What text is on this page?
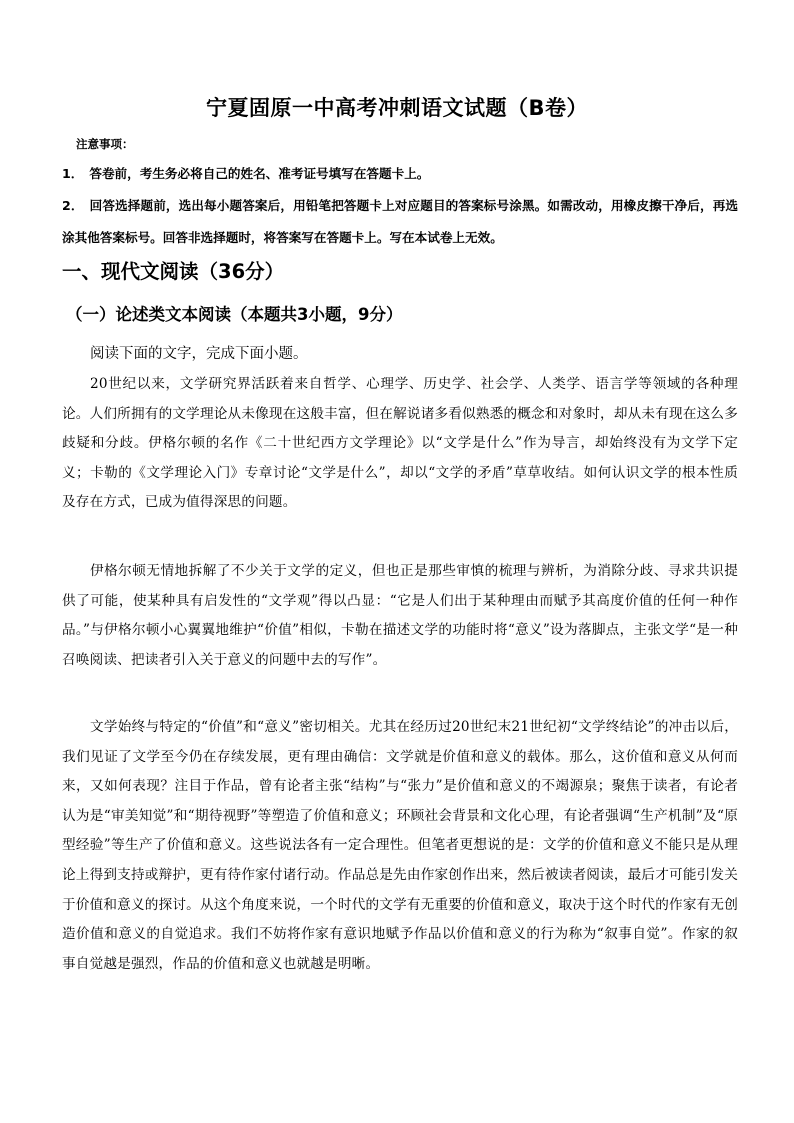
宁夏固原一中高考冲刺语文试题（B卷）
注意事项：
1． 答卷前，考生务必将自己的姓名、准考证号填写在答题卡上。
2． 回答选择题前，选出每小题答案后，用铅笔把答题卡上对应题目的答案标号涂黑。如需改动，用橡皮擦干净后，再选涂其他答案标号。回答非选择题时，将答案写在答题卡上。写在本试卷上无效。
一、现代文阅读（36分）
（一）论述类文本阅读（本题共3小题，9分）
阅读下面的文字，完成下面小题。
20世纪以来，文学研究界活跃着来自哲学、心理学、历史学、社会学、人类学、语言学等领域的各种理论。人们所拥有的文学理论从未像现在这般丰富，但在解说诸多看似熟悉的概念和对象时，却从未有现在这么多歧疑和分歧。伊格尔顿的名作《二十世纪西方文学理论》以“文学是什么”作为导言，却始终没有为文学下定义；卡勒的《文学理论入门》专章讨论“文学是什么”，却以“文学的矛盾”草草收结。如何认识文学的根本性质及存在方式，已成为值得深思的问题。
伊格尔顿无情地拆解了不少关于文学的定义，但也正是那些审慎的梳理与辨析，为消除分歧、寻求共识提供了可能，使某种具有启发性的“文学观”得以凸显：“它是人们出于某种理由而赋予其高度价值的任何一种作品。”与伊格尔顿小心翼翼地维护“价值”相似，卡勒在描述文学的功能时将“意义”设为落脚点，主张文学“是一种召唤阅读、把读者引入关于意义的问题中去的写作”。
文学始终与特定的“价值”和“意义”密切相关。尤其在经历过20世纪末21世纪初“文学终结论”的冲击以后，我们见证了文学至今仍在存续发展，更有理由确信：文学就是价值和意义的载体。那么，这价值和意义从何而来，又如何表现？注目于作品，曾有论者主张“结构”与“张力”是价值和意义的不竭源泉；聚焦于读者，有论者认为是“审美知觉”和“期待视野”等塑造了价值和意义；环顾社会背景和文化心理，有论者强调“生产机制”及“原型经验”等生产了价值和意义。这些说法各有一定合理性。但笔者更想说的是：文学的价值和意义不能只是从理论上得到支持或辩护，更有待作家付诸行动。作品总是先由作家创作出来，然后被读者阅读，最后才可能引发关于价值和意义的探讨。从这个角度来说，一个时代的文学有无重要的价值和意义，取决于这个时代的作家有无创造价值和意义的自觉追求。我们不妨将作家有意识地赋予作品以价值和意义的行为称为“叙事自觉”。作家的叙事自觉越是强烈，作品的价值和意义也就越是明晰。
